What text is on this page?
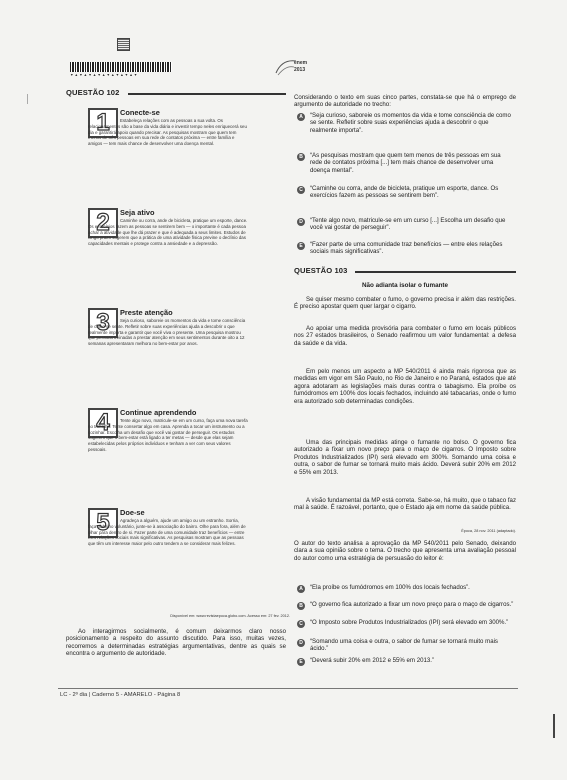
▼▲▼▲▼▲▼▲▼▲▼▲▼▲▼
enem
2013
QUESTÃO 102
1	Conecte-se
Estabeleça relações com as pessoas a sua volta. Os relacionamentos são a base da vida diária e investir tempo neles enriquecerá seu dia e garantirá apoio quando precisar. As pesquisas mostram que quem tem menos de três pessoas em sua rede de contatos próxima — entre família e amigos — tem mais chance de desenvolver uma doença mental.
2	Seja ativo
Caminhe ou corra, ande de bicicleta, pratique um esporte, dance. Os exercícios fazem as pessoas se sentirem bem — o importante é cada pessoa achar a atividade que lhe dá prazer e que é adequada a seus limites. Estudos de longo prazo sugerem que a prática de uma atividade física previne o declínio das capacidades mentais e protege contra a ansiedade e a depressão.
3	Preste atenção
Seja curioso, saboreie os momentos da vida e tome consciência de como se sente. Refletir sobre suas experiências ajuda a descobrir o que realmente importa e garantir que você viva o presente. Uma pesquisa mostrou que pessoas treinadas a prestar atenção em seus sentimentos durante oito a 12 semanas apresentaram melhora no bem-estar por anos.
4	Continue aprendendo
Tente algo novo, matricule-se em um curso, faça uma nova tarefa no trabalho. Tente consertar algo em casa. Aprenda a tocar um instrumento ou a cozinhar. Escolha um desafio que você vai gostar de perseguir. Os estudos sugerem que o bem-estar está ligado a ter metas — desde que elas sejam estabelecidas pelos próprios indivíduos e tenham a ver com seus valores pessoais.
5	Doe-se
Agradeça a alguém, ajude um amigo ou um estranho. Sorria, faça trabalho voluntário, junte-se à associação do bairro. Olhe para fora, além de olhar para dentro de si. Fazer parte de uma comunidade traz benefícios — entre eles relações sociais mais significativas. As pesquisas mostram que as pessoas que têm um interesse maior pelo outro tendem a se considerar mais felizes.
Disponível em: www.revistaepoca.globo.com. Acesso em: 27 fev. 2012.
Ao interagirmos socialmente, é comum deixarmos claro nosso posicionamento a respeito do assunto discutido. Para isso, muitas vezes, recorremos a determinadas estratégias argumentativas, dentre as quais se encontra o argumento de autoridade.
Considerando o texto em suas cinco partes, constata-se que há o emprego de argumento de autoridade no trecho:
A	“Seja curioso, saboreie os momentos da vida e tome consciência de como se sente. Refletir sobre suas experiências ajuda a descobrir o que realmente importa”.
B	“As pesquisas mostram que quem tem menos de três pessoas em sua rede de contatos próxima [...] tem mais chance de desenvolver uma doença mental”.
C	“Caminhe ou corra, ande de bicicleta, pratique um esporte, dance. Os exercícios fazem as pessoas se sentirem bem”.
D	“Tente algo novo, matricule-se em um curso [...] Escolha um desafio que você vai gostar de perseguir”.
E	“Fazer parte de uma comunidade traz benefícios — entre eles relações sociais mais significativas”.
QUESTÃO 103
Não adianta isolar o fumante
Se quiser mesmo combater o fumo, o governo precisa ir além das restrições. É preciso apostar quem quer largar o cigarro.
Ao apoiar uma medida provisória para combater o fumo em locais públicos nos 27 estados brasileiros, o Senado reafirmou um valor fundamental: a defesa da saúde e da vida.
Em pelo menos um aspecto a MP 540/2011 é ainda mais rigorosa que as medidas em vigor em São Paulo, no Rio de Janeiro e no Paraná, estados que até agora adotaram as legislações mais duras contra o tabagismo. Ela proíbe os fumódromos em 100% dos locais fechados, incluindo até tabacarias, onde o fumo era autorizado sob determinadas condições.
Uma das principais medidas atinge o fumante no bolso. O governo fica autorizado a fixar um novo preço para o maço de cigarros. O Imposto sobre Produtos Industrializados (IPI) será elevado em 300%. Somando uma coisa e outra, o sabor de fumar se tornará muito mais ácido. Deverá subir 20% em 2012 e 55% em 2013.
A visão fundamental da MP está correta. Sabe-se, há muito, que o tabaco faz mal à saúde. É razoável, portanto, que o Estado aja em nome da saúde pública.
Época, 28 nov. 2011 (adaptado).
O autor do texto analisa a aprovação da MP 540/2011 pelo Senado, deixando clara a sua opinião sobre o tema. O trecho que apresenta uma avaliação pessoal do autor como uma estratégia de persuasão do leitor é:
A	“Ela proíbe os fumódromos em 100% dos locais fechados”.
B	“O governo fica autorizado a fixar um novo preço para o maço de cigarros.”
C	“O Imposto sobre Produtos Industrializados (IPI) será elevado em 300%.”
D	“Somando uma coisa e outra, o sabor de fumar se tornará muito mais ácido.”
E	“Deverá subir 20% em 2012 e 55% em 2013.”
LC - 2º dia | Caderno 5 - AMARELO - Página 8
